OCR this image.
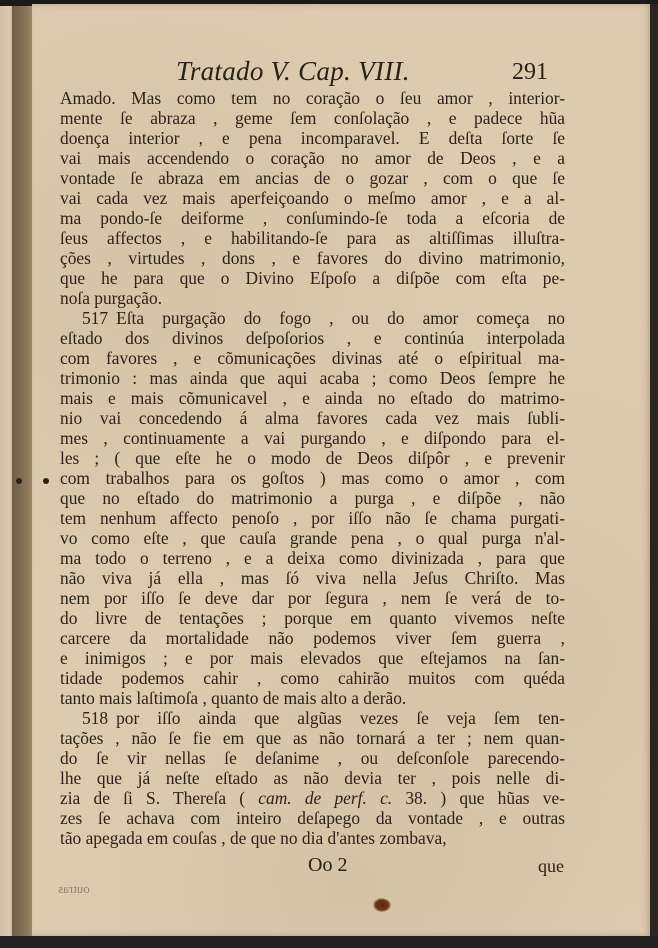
Tratado V. Cap. VIII.	291
Amado. Mas como tem no coração o ſeu amor , interior-
mente ſe abraza , geme ſem conſolação , e padece hũa
doença interior , e pena incomparavel. E deſta ſorte ſe
vai mais accendendo o coração no amor de Deos , e a
vontade ſe abraza em ancias de o gozar , com o que ſe
vai cada vez mais aperfeiçoando o meſmo amor , e a al-
ma pondo-ſe deiforme , conſumindo-ſe toda a eſcoria de
ſeus affectos , e habilitando-ſe para as altiſſimas illuſtra-
ções , virtudes , dons , e favores do divino matrimonio,
que he para que o Divino Eſpoſo a diſpõe com eſta pe-
noſa purgação.
517 Eſta purgação do fogo , ou do amor começa no
eſtado dos divinos deſpoſorios , e continúa interpolada
com favores , e cõmunicações divinas até o eſpiritual ma-
trimonio : mas ainda que aqui acaba ; como Deos ſempre he
mais e mais cõmunicavel , e ainda no eſtado do matrimo-
nio vai concedendo á alma favores cada vez mais ſubli-
mes , continuamente a vai purgando , e diſpondo para el-
les ; ( que eſte he o modo de Deos diſpôr , e prevenir
com trabalhos para os goſtos ) mas como o amor , com
que no eſtado do matrimonio a purga , e diſpõe , não
tem nenhum affecto penoſo , por iſſo não ſe chama purgati-
vo como eſte , que cauſa grande pena , o qual purga n'al-
ma todo o terreno , e a deixa como divinizada , para que
não viva já ella , mas ſó viva nella Jeſus Chriſto. Mas
nem por iſſo ſe deve dar por ſegura , nem ſe verá de to-
do livre de tentações ; porque em quanto vivemos neſte
carcere da mortalidade não podemos viver ſem guerra ,
e inimigos ; e por mais elevados que eſtejamos na ſan-
tidade podemos cahir , como cahirão muitos com quéda
tanto mais laſtimoſa , quanto de mais alto a derão.
518 por iſſo ainda que algũas vezes ſe veja ſem ten-
tações , não ſe fie em que as não tornará a ter ; nem quan-
do ſe vir nellas ſe deſanime , ou deſconſole parecendo-
lhe que já neſte eſtado as não devia ter , pois nelle di-
zia de ſi S. Thereſa ( cam. de perf. c. 38. ) que hũas ve-
zes ſe achava com inteiro deſapego da vontade , e outras
tão apegada em couſas , de que no dia d'antes zombava,
outras
Oo 2	que
